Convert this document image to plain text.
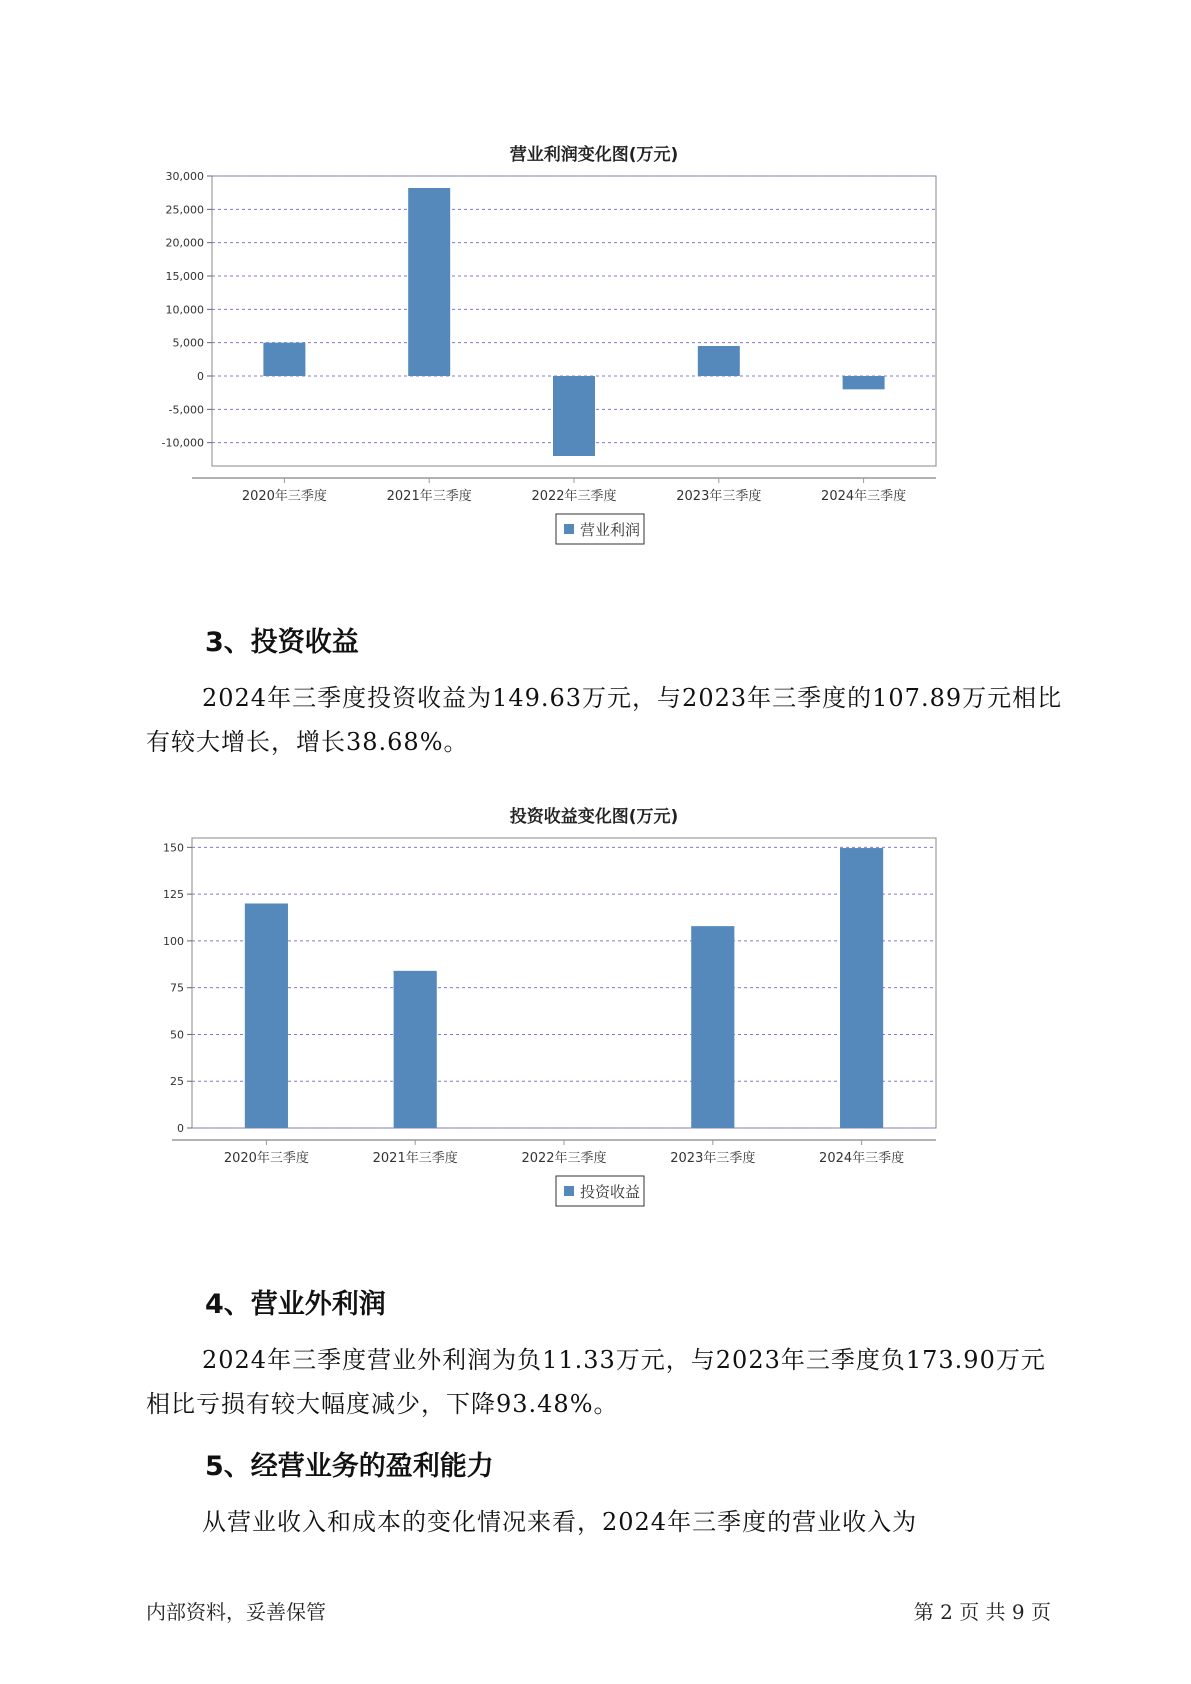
营业利润变化图(万元)
30,000
25,000
20,000
15,000
10,000
5,000
0
-5,000
-10,000
2020年三季度	2021年三季度	2022年三季度	2023年三季度	2024年三季度
营业利润
3、投资收益

2024年三季度投资收益为149.63万元，与2023年三季度的107.89万元相比有较大增长，增长38.68%。

投资收益变化图(万元)
150
125
100
75
50
25
0
2020年三季度	2021年三季度	2022年三季度	2023年三季度	2024年三季度
投资收益
4、营业外利润

2024年三季度营业外利润为负11.33万元，与2023年三季度负173.90万元相比亏损有较大幅度减少，下降93.48%。

5、经营业务的盈利能力

从营业收入和成本的变化情况来看，2024年三季度的营业收入为

内部资料，妥善保管	第 2 页 共 9 页
